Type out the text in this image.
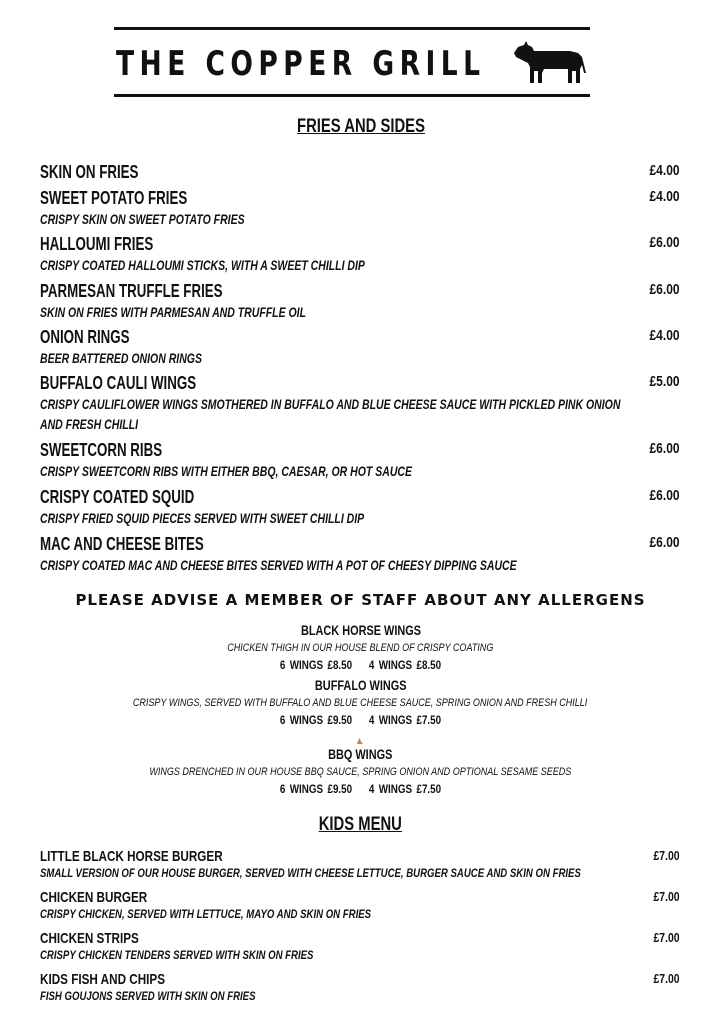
THE COPPER GRILL
FRIES AND SIDES
SKIN ON FRIES	£4.00
SWEET POTATO FRIES	£4.00
CRISPY SKIN ON SWEET POTATO FRIES
HALLOUMI FRIES	£6.00
CRISPY COATED HALLOUMI STICKS, WITH A SWEET CHILLI DIP
PARMESAN TRUFFLE FRIES	£6.00
SKIN ON FRIES WITH PARMESAN AND TRUFFLE OIL
ONION RINGS	£4.00
BEER BATTERED ONION RINGS
BUFFALO CAULI WINGS	£5.00
CRISPY CAULIFLOWER WINGS SMOTHERED IN BUFFALO AND BLUE CHEESE SAUCE WITH PICKLED PINK ONION AND FRESH CHILLI
SWEETCORN RIBS	£6.00
CRISPY SWEETCORN RIBS WITH EITHER BBQ, CAESAR, OR HOT SAUCE
CRISPY COATED SQUID	£6.00
CRISPY FRIED SQUID PIECES SERVED WITH SWEET CHILLI DIP
MAC AND CHEESE BITES	£6.00
CRISPY COATED MAC AND CHEESE BITES SERVED WITH A POT OF CHEESY DIPPING SAUCE
PLEASE ADVISE A MEMBER OF STAFF ABOUT ANY ALLERGENS
BLACK HORSE WINGS
CHICKEN THIGH IN OUR HOUSE BLEND OF CRISPY COATING
6 WINGS £8.50 4 WINGS £8.50
BUFFALO WINGS
CRISPY WINGS, SERVED WITH BUFFALO AND BLUE CHEESE SAUCE, SPRING ONION AND FRESH CHILLI
6 WINGS £9.50 4 WINGS £7.50
BBQ WINGS
WINGS DRENCHED IN OUR HOUSE BBQ SAUCE, SPRING ONION AND OPTIONAL SESAME SEEDS
6 WINGS £9.50 4 WINGS £7.50
KIDS MENU
LITTLE BLACK HORSE BURGER	£7.00
SMALL VERSION OF OUR HOUSE BURGER, SERVED WITH CHEESE LETTUCE, BURGER SAUCE AND SKIN ON FRIES
CHICKEN BURGER	£7.00
CRISPY CHICKEN, SERVED WITH LETTUCE, MAYO AND SKIN ON FRIES
CHICKEN STRIPS	£7.00
CRISPY CHICKEN TENDERS SERVED WITH SKIN ON FRIES
KIDS FISH AND CHIPS	£7.00
FISH GOUJONS SERVED WITH SKIN ON FRIES
